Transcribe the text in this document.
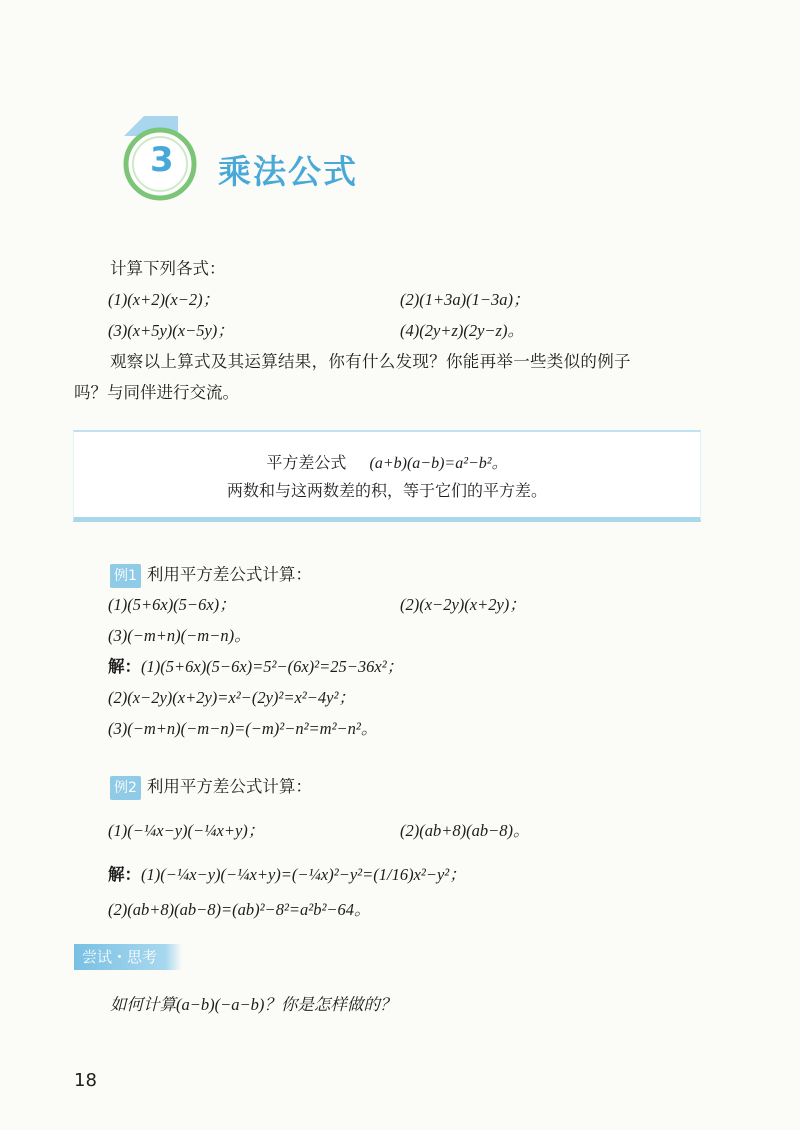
3 乘法公式
计算下列各式：
(1)(x+2)(x−2)；	(2)(1+3a)(1−3a)；
(3)(x+5y)(x−5y)；	(4)(2y+z)(2y−z)。
观察以上算式及其运算结果，你有什么发现？你能再举一些类似的例子
吗？与同伴进行交流。
平方差公式 (a+b)(a−b)=a²−b²。
两数和与这两数差的积，等于它们的平方差。
例1 利用平方差公式计算：
(1)(5+6x)(5−6x)；	(2)(x−2y)(x+2y)；
(3)(−m+n)(−m−n)。
解：(1)(5+6x)(5−6x)=5²−(6x)²=25−36x²；
(2)(x−2y)(x+2y)=x²−(2y)²=x²−4y²；
(3)(−m+n)(−m−n)=(−m)²−n²=m²−n²。
例2 利用平方差公式计算：
(1)(−¼x−y)(−¼x+y)；	(2)(ab+8)(ab−8)。
解：(1)(−¼x−y)(−¼x+y)=(−¼x)²−y²=(1/16)x²−y²；
(2)(ab+8)(ab−8)=(ab)²−8²=a²b²−64。
尝试・思考
如何计算(a−b)(−a−b)？你是怎样做的？
18
